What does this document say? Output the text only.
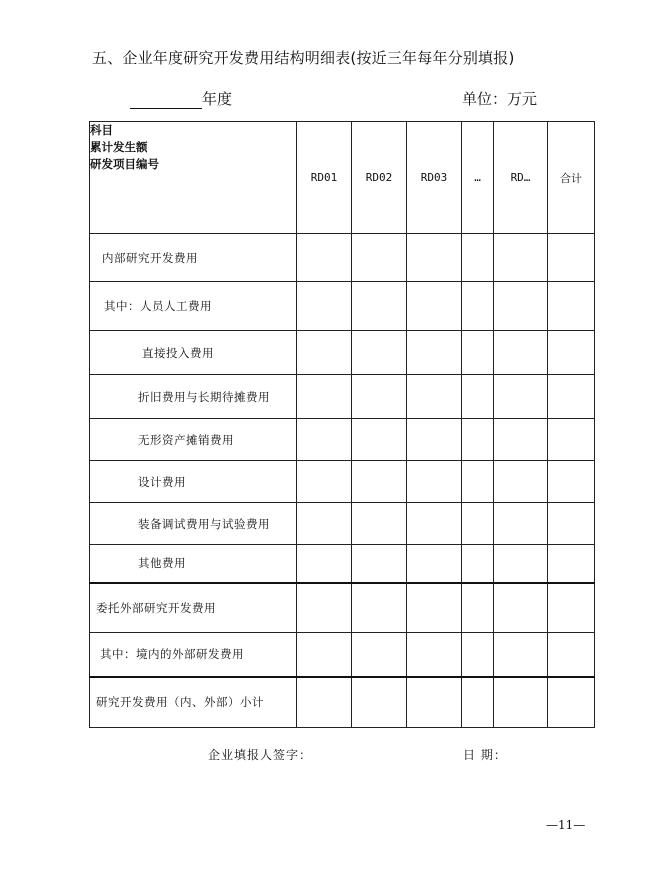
五、企业年度研究开发费用结构明细表(按近三年每年分别填报)
年度	单位：万元
科目
累计发生额
研发项目编号	RD01	RD02	RD03	…	RD…	合计
内部研究开发费用						
其中：人员人工费用						
直接投入费用						
折旧费用与长期待摊费用						
无形资产摊销费用						
设计费用						
装备调试费用与试验费用						
其他费用						
委托外部研究开发费用						
其中：境内的外部研发费用						
研究开发费用（内、外部）小计						
企业填报人签字：	日 期：
—11—
